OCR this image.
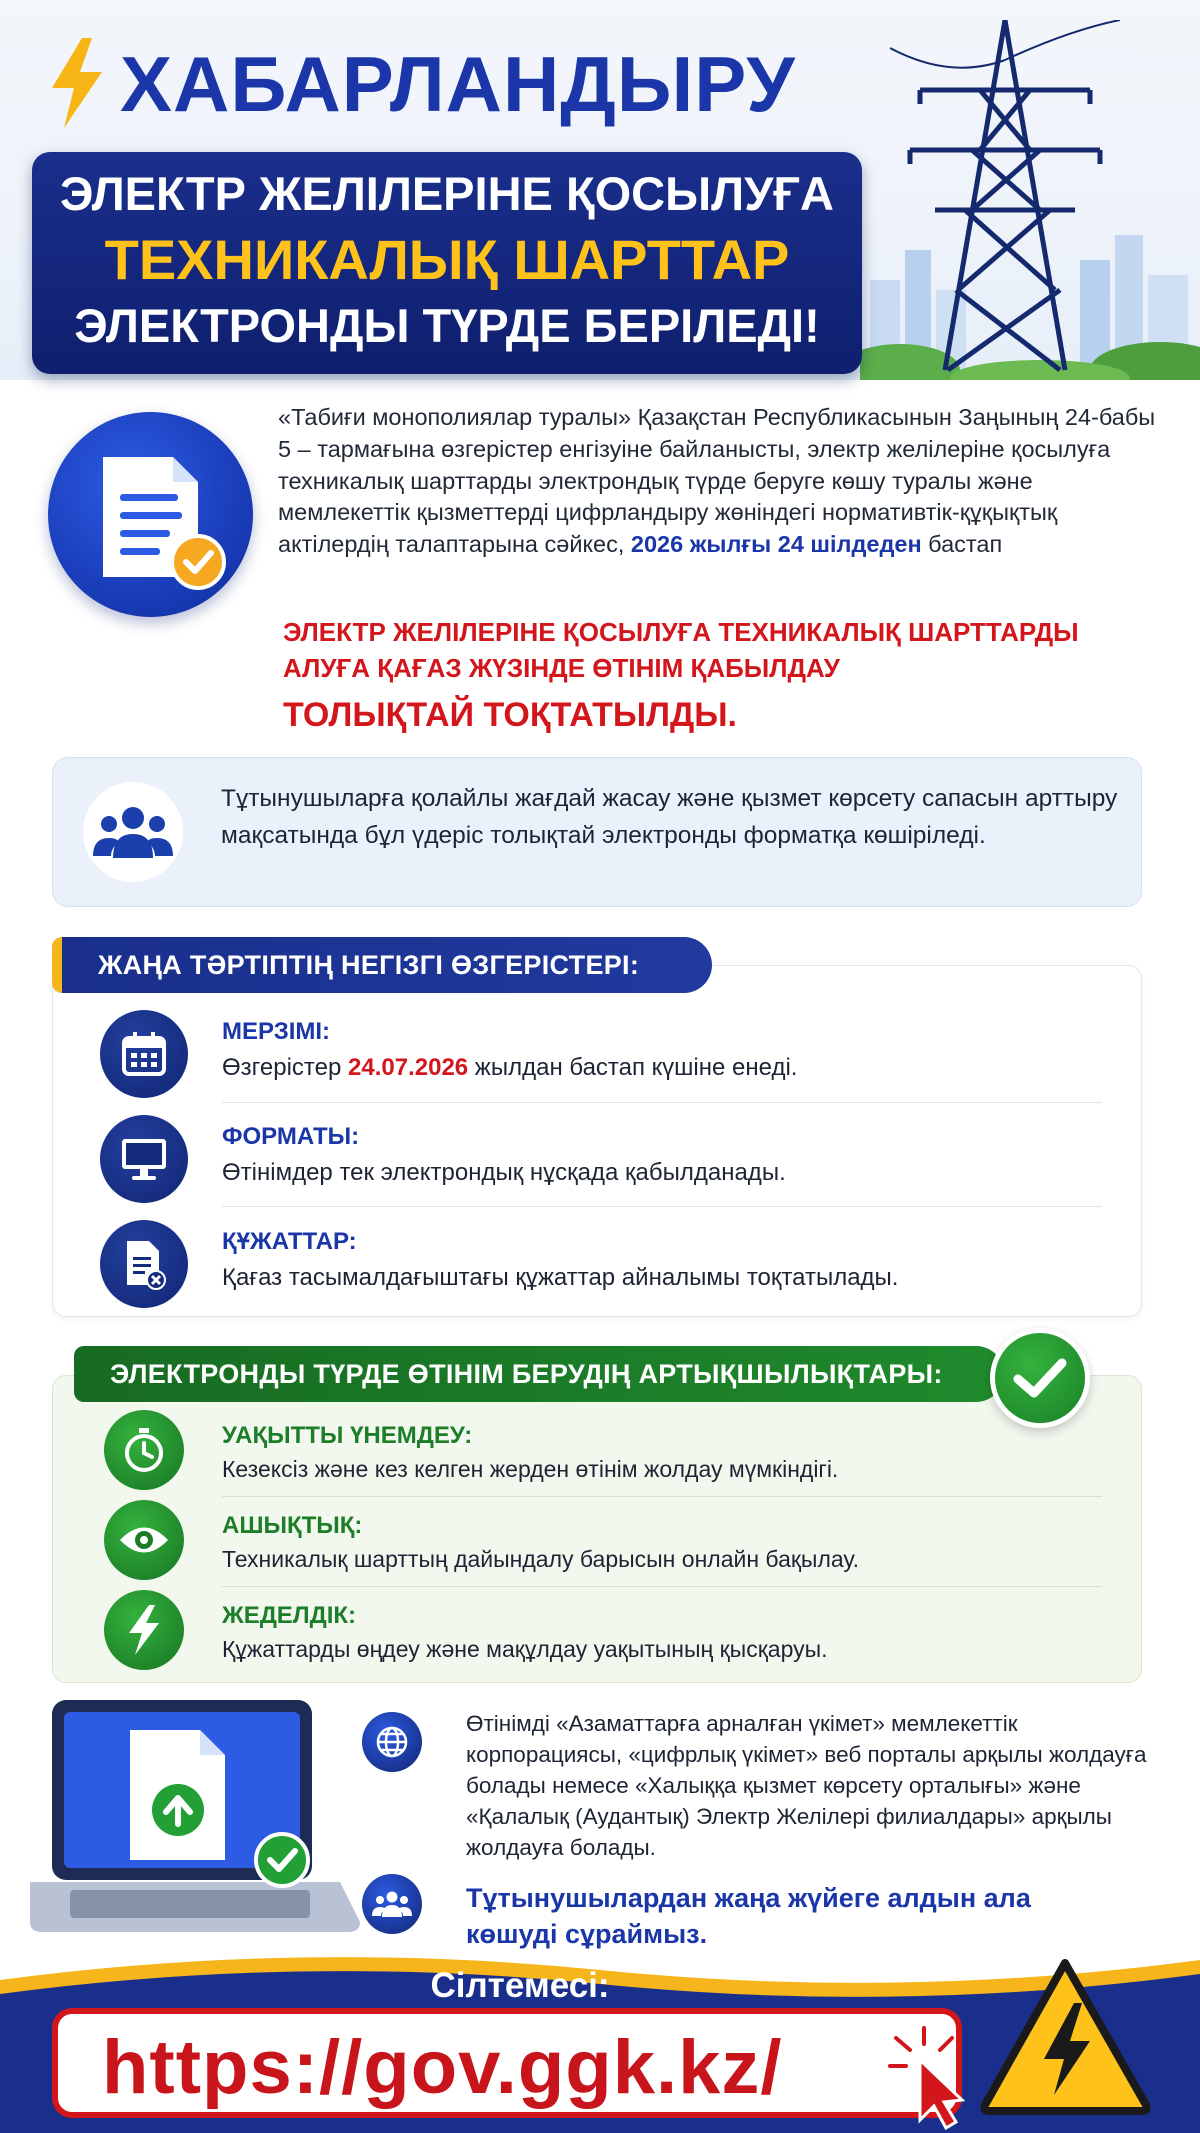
ХАБАРЛАНДЫРУ
ЭЛЕКТР ЖЕЛІЛЕРІНЕ ҚОСЫЛУҒА
ТЕХНИКАЛЫҚ ШАРТТАР
ЭЛЕКТРОНДЫ ТҮРДЕ БЕРІЛЕДІ!
«Табиғи монополиялар туралы» Қазақстан Республикасынын Заңының 24-бабы 5 – тармағына өзгерістер енгізуіне байланысты, электр желілеріне қосылуға техникалық шарттарды электрондық түрде беруге көшу туралы және мемлекеттік қызметтерді цифрландыру жөніндегі нормативтік-құқықтық актілердің талаптарына сәйкес, 2026 жылғы 24 шілдеден бастап
ЭЛЕКТР ЖЕЛІЛЕРІНЕ ҚОСЫЛУҒА ТЕХНИКАЛЫҚ ШАРТТАРДЫ АЛУҒА ҚАҒАЗ ЖҮЗІНДЕ ӨТІНІМ ҚАБЫЛДАУ
ТОЛЫҚТАЙ ТОҚТАТЫЛДЫ.
Тұтынушыларға қолайлы жағдай жасау және қызмет көрсету сапасын арттыру мақсатында бұл үдеріс толықтай электронды форматқа көшіріледі.
ЖАҢА ТӘРТІПТІҢ НЕГІЗГІ ӨЗГЕРІСТЕРІ:
МЕРЗІМІ:
Өзгерістер 24.07.2026 жылдан бастап күшіне енеді.
ФОРМАТЫ:
Өтінімдер тек электрондық нұсқада қабылданады.
ҚҰЖАТТАР:
Қағаз тасымалдағыштағы құжаттар айналымы тоқтатылады.
ЭЛЕКТРОНДЫ ТҮРДЕ ӨТІНІМ БЕРУДІҢ АРТЫҚШЫЛЫҚТАРЫ:
УАҚЫТТЫ ҮНЕМДЕУ:
Кезексіз және кез келген жерден өтінім жолдау мүмкіндігі.
АШЫҚТЫҚ:
Техникалық шарттың дайындалу барысын онлайн бақылау.
ЖЕДЕЛДІК:
Құжаттарды өңдеу және мақұлдау уақытының қысқаруы.
Өтінімді «Азаматтарға арналған үкімет» мемлекеттік корпорациясы, «цифрлық үкімет» веб порталы арқылы жолдауға болады немесе «Халыққа қызмет көрсету орталығы» және «Қалалық (Аудантық) Электр Желілері филиалдары» арқылы жолдауға болады.
Тұтынушылардан жаңа жүйеге алдын ала көшуді сұраймыз.
Сілтемесі:
https://gov.ggk.kz/
